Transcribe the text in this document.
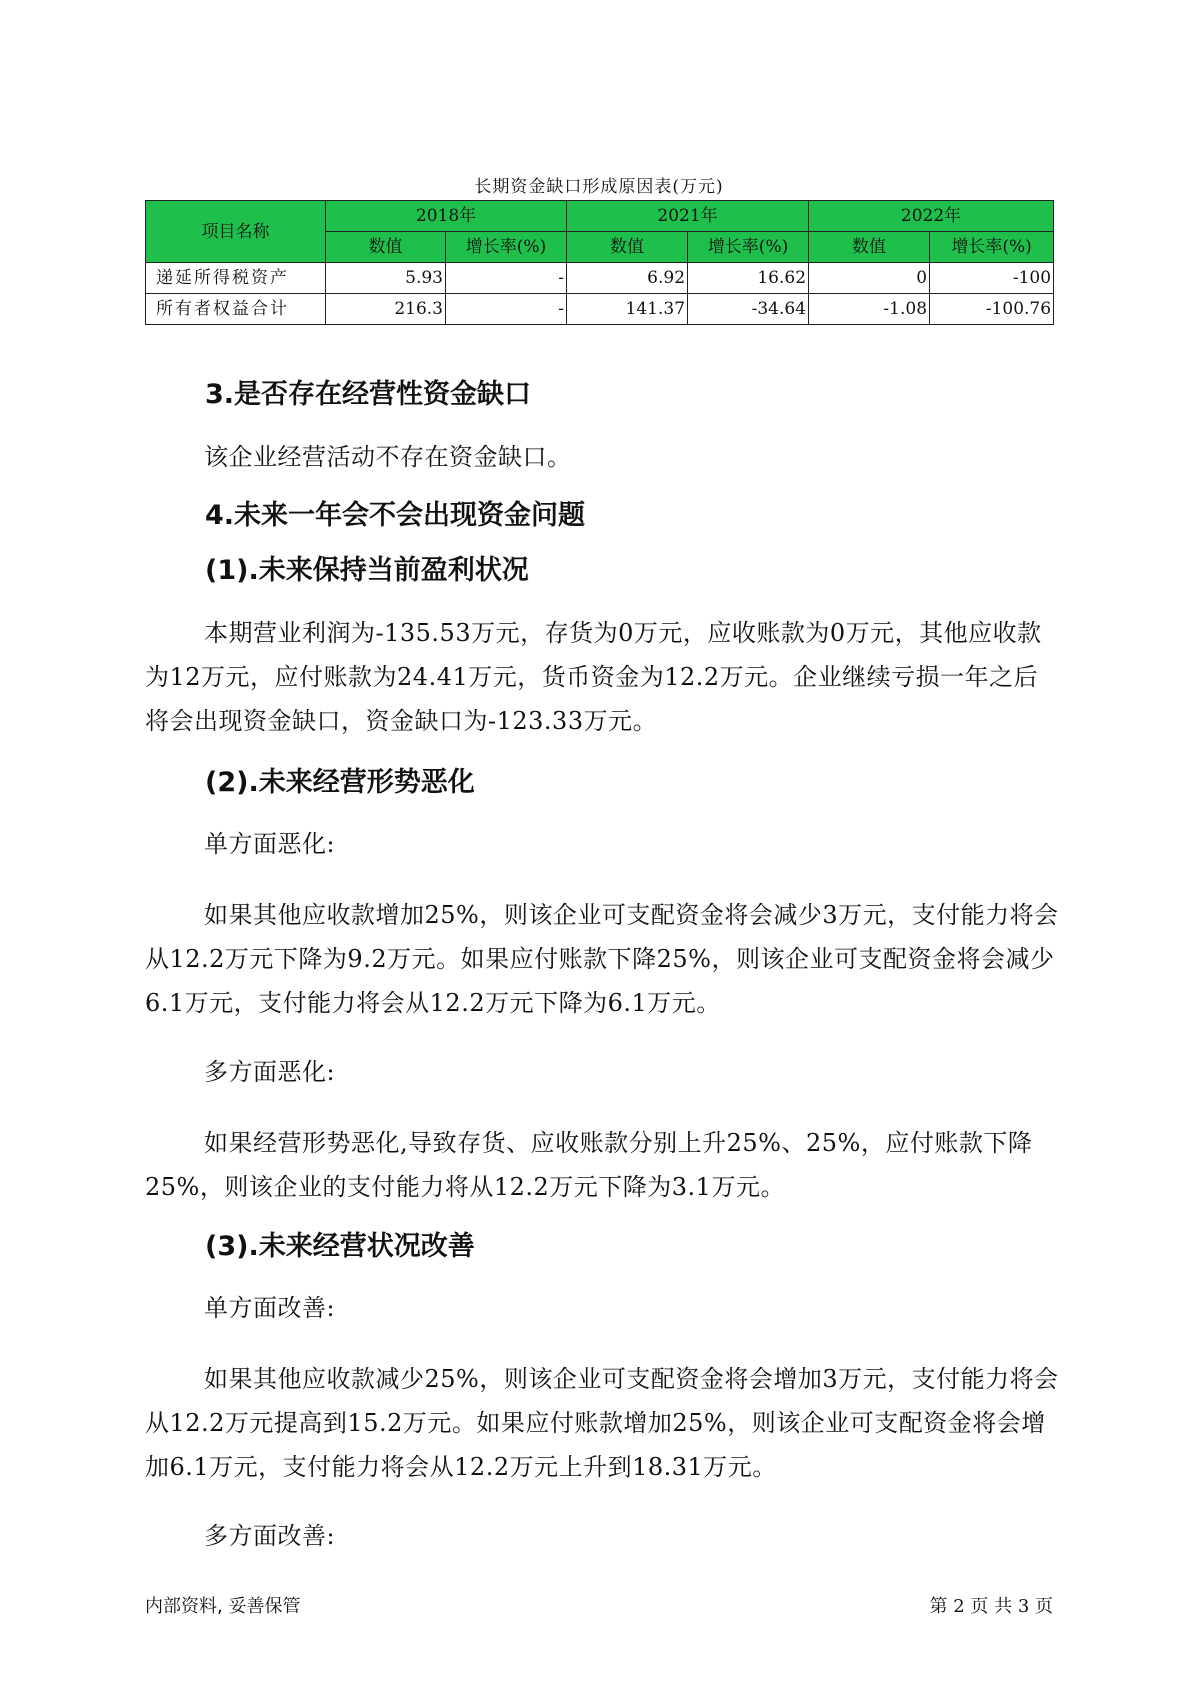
长期资金缺口形成原因表(万元)
项目名称	2018年		2021年		2022年	
	数值	增长率(%)	数值	增长率(%)	数值	增长率(%)
递延所得税资产	5.93	-	6.92	16.62	0	-100
所有者权益合计	216.3	-	141.37	-34.64	-1.08	-100.76
3.是否存在经营性资金缺口
该企业经营活动不存在资金缺口。
4.未来一年会不会出现资金问题
(1).未来保持当前盈利状况
本期营业利润为-135.53万元，存货为0万元，应收账款为0万元，其他应收款为12万元，应付账款为24.41万元，货币资金为12.2万元。企业继续亏损一年之后将会出现资金缺口，资金缺口为-123.33万元。
(2).未来经营形势恶化
单方面恶化:
如果其他应收款增加25%，则该企业可支配资金将会减少3万元，支付能力将会从12.2万元下降为9.2万元。如果应付账款下降25%，则该企业可支配资金将会减少6.1万元，支付能力将会从12.2万元下降为6.1万元。
多方面恶化:
如果经营形势恶化,导致存货、应收账款分别上升25%、25%，应付账款下降25%，则该企业的支付能力将从12.2万元下降为3.1万元。
(3).未来经营状况改善
单方面改善:
如果其他应收款减少25%，则该企业可支配资金将会增加3万元，支付能力将会从12.2万元提高到15.2万元。如果应付账款增加25%，则该企业可支配资金将会增加6.1万元，支付能力将会从12.2万元上升到18.31万元。
多方面改善:
内部资料, 妥善保管	第 2 页 共 3 页
